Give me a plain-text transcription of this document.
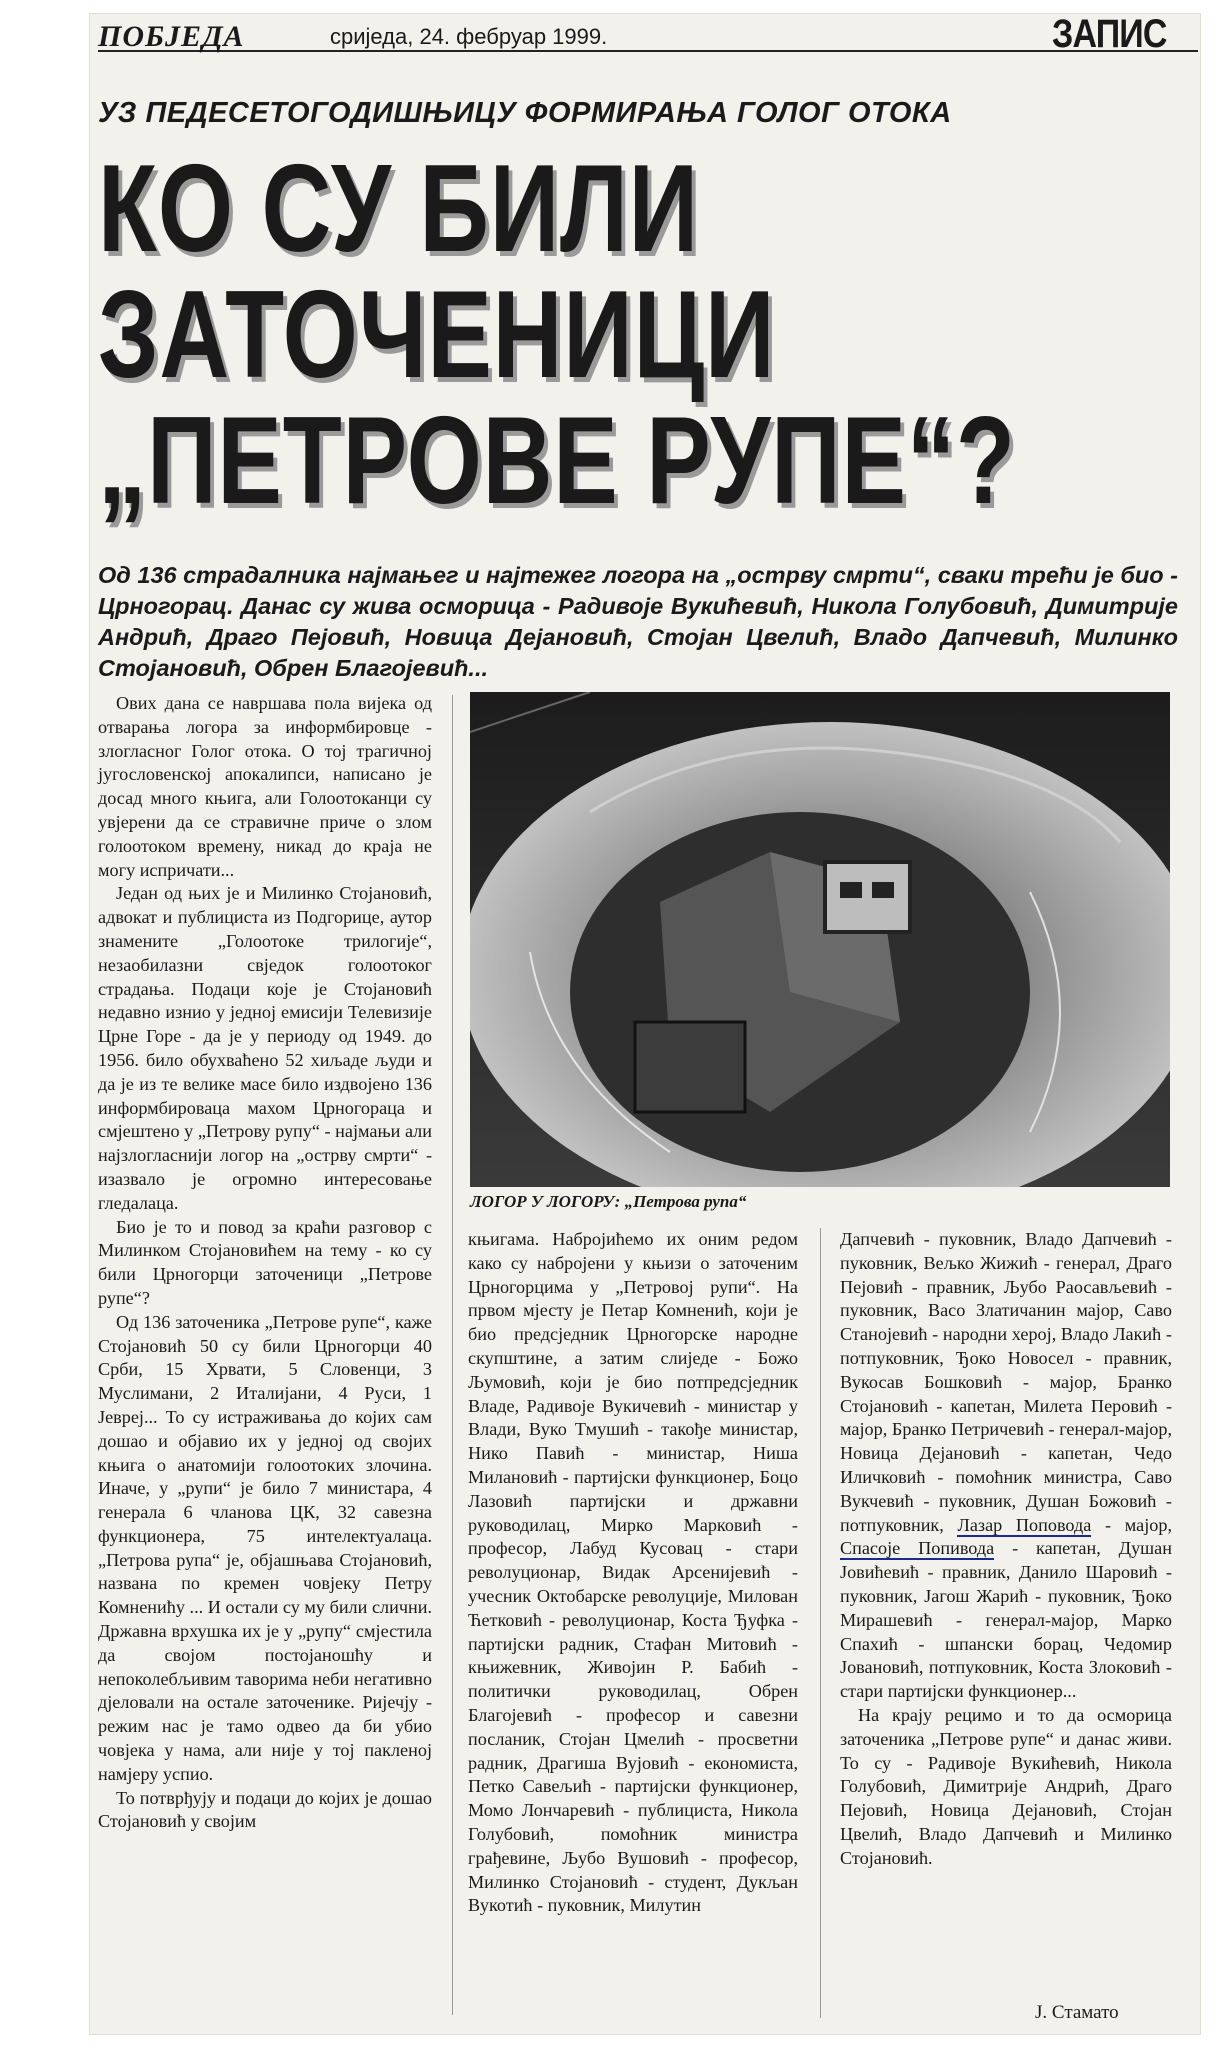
ПОБЈЕДА	сриједа, 24. фебруар 1999.	ЗАПИС
УЗ ПЕДЕСЕТОГОДИШЊИЦУ ФОРМИРАЊА ГОЛОГ ОТОКА
КО СУ БИЛИ
ЗАТОЧЕНИЦИ
„ПЕТРОВЕ РУПЕ“?
Од 136 страдалника најмањег и најтежег логора на „острву смрти“, сваки трећи је био - Црногорац. Данас су жива осморица - Радивоје Вукићевић, Никола Голубовић, Димитрије Андрић, Драго Пејовић, Новица Дејановић, Стојан Цвелић, Владо Дапчевић, Милинко Стојановић, Обрен Благојевић...

Ових дана се навршава пола вијека од отварања логора за информбировце - злогласног Голог отока. О тој трагичној југословенској апокалипси, написано је досад много књига, али Голоотоканци су увјерени да се стравичне приче о злом голоотоком времену, никад до краја не могу испричати...

Један од њих је и Милинко Стојановић, адвокат и публициста из Подгорице, аутор знамените „Голоотоке трилогије“, незаобилазни свједок голоотоког страдања. Подаци које је Стојановић недавно изнио у једној емисији Телевизије Црне Горе - да је у периоду од 1949. до 1956. било обухваћено 52 хиљаде људи и да је из те велике масе било издвојено 136 информбироваца махом Црногораца и смјештено у „Петрову рупу“ - најмањи али најзлогласнији логор на „острву смрти“ - изазвало је огромно интересовање гледалаца.

Био је то и повод за краћи разговор с Милинком Стојановићем на тему - ко су били Црногорци заточеници „Петрове рупе“?

Од 136 заточеника „Петрове рупе“, каже Стојановић 50 су били Црногорци 40 Срби, 15 Хрвати, 5 Словенци, 3 Муслимани, 2 Италијани, 4 Руси, 1 Јеврej... То су истраживања до којих сам дошао и објавио их у једној од својих књига о анатомији голоотоких злочина. Иначе, у „рупи“ је било 7 министара, 4 генерала 6 чланова ЦК, 32 савезна функционера, 75 интелектуалаца. „Петрова рупа“ је, објашњава Стојановић, названа по кремен човјеку Петру Комненићу ... И остали су му били слични. Државна врхушка их је у „рупу“ смјестила да својом постојаношћу и непоколебљивим таворима неби негативно дјеловали на остале заточенике. Ријечју - режим нас је тамо одвео да би убио човјека у нама, али није у тој пакленој намјеру успио.

То потврђују и подаци до којих је дошао Стојановић у својим

ЛОГОР У ЛОГОРУ: „Петрова рупа“

књигама. Набројићемо их оним редом како су набројени у књизи о заточеним Црногорцима у „Петровој рупи“. На првом мјесту је Петар Комненић, који је био предсједник Црногорске народне скупштине, а затим слиједе - Божо Љумовић, који је био потпредсједник Владе, Радивоје Вукичевић - министар у Влади, Вуко Тмушић - такође министар, Нико Павић - министар, Ниша Милановић - партијски функционер, Боцо Лазовић партијски и државни руководилац, Мирко Марковић - професор, Лабуд Кусовац - стари револуционар, Видак Арсенијевић - учесник Октобарске револуције, Милован Ћетковић - револуционар, Коста Ђуфка - партијски радник, Стафан Митовић - књижевник, Живојин Р. Бабић - политички руководилац, Обрен Благојевић - професор и савезни посланик, Стојан Цмелић - просветни радник, Драгиша Вујовић - економиста, Петко Савељић - партијски функционер, Момо Лончаревић - публициста, Никола Голубовић, помоћник министра грађевине, Љубо Вушовић - професор, Милинко Стојановић - студент, Дукљан Вукотић - пуковник, Милутин

Дапчевић - пуковник, Владо Дапчевић - пуковник, Вељко Жижић - генерал, Драго Пејовић - правник, Љубо Раосављевић - пуковник, Васо Златичанин мајор, Саво Станојевић - народни херој, Владо Лакић - потпуковник, Ђоко Новосел - правник, Вукосав Бошковић - мајор, Бранко Стојановић - капетан, Милета Перовић - мајор, Бранко Петричевић - генерал-мајор, Новица Дејановић - капетан, Чедо Иличковић - помоћник министра, Саво Вукчевић - пуковник, Душан Божовић - потпуковник, Лазар Поповода - мајор, Спасоје Попивода - капетан, Душан Јовићевић - правник, Данило Шаровић - пуковник, Јагош Жарић - пуковник, Ђоко Мирашевић - генерал-мајор, Марко Спахић - шпански борац, Чедомир Јовановић, потпуковник, Коста Злоковић - стари партијски функционер...

На крају рецимо и то да осморица заточеника „Петрове рупе“ и данас живи. То су - Радивоје Вукићевић, Никола Голубовић, Димитрије Андрић, Драго Пејовић, Новица Дејановић, Стојан Цвелић, Владо Дапчевић и Милинко Стојановић.

Ј. Стамато
